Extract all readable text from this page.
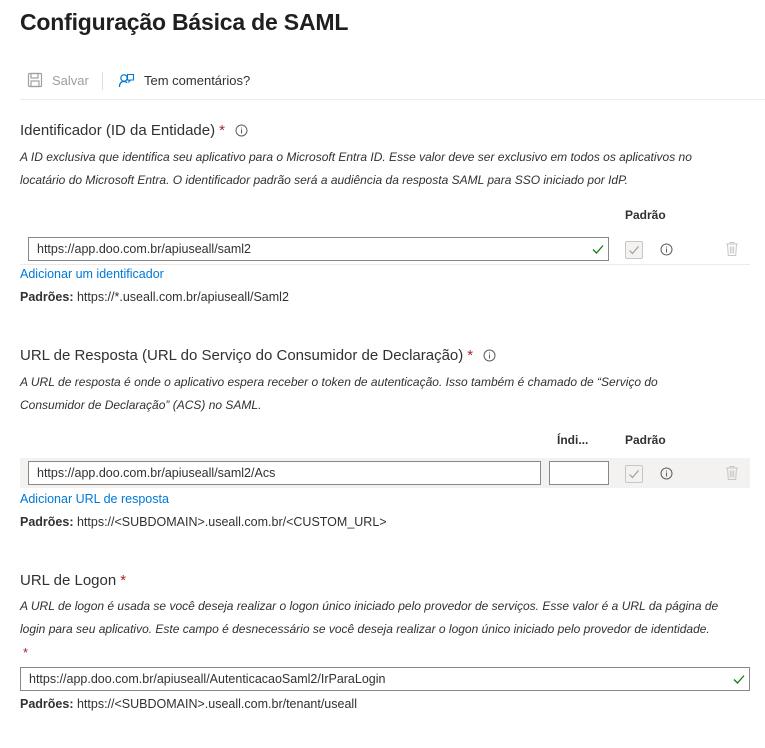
Configuração Básica de SAML
Salvar	Tem comentários?
Identificador (ID da Entidade) *
A ID exclusiva que identifica seu aplicativo para o Microsoft Entra ID. Esse valor deve ser exclusivo em todos os aplicativos no
locatário do Microsoft Entra. O identificador padrão será a audiência da resposta SAML para SSO iniciado por IdP.
Padrão
https://app.doo.com.br/apiuseall/saml2
Adicionar um identificador
Padrões: https://*.useall.com.br/apiuseall/Saml2
URL de Resposta (URL do Serviço do Consumidor de Declaração) *
A URL de resposta é onde o aplicativo espera receber o token de autenticação. Isso também é chamado de “Serviço do
Consumidor de Declaração” (ACS) no SAML.
Índi...	Padrão
https://app.doo.com.br/apiuseall/saml2/Acs
Adicionar URL de resposta
Padrões: https://<SUBDOMAIN>.useall.com.br/<CUSTOM_URL>
URL de Logon *
A URL de logon é usada se você deseja realizar o logon único iniciado pelo provedor de serviços. Esse valor é a URL da página de
login para seu aplicativo. Este campo é desnecessário se você deseja realizar o logon único iniciado pelo provedor de identidade.
*
https://app.doo.com.br/apiuseall/AutenticacaoSaml2/IrParaLogin
Padrões: https://<SUBDOMAIN>.useall.com.br/tenant/useall
